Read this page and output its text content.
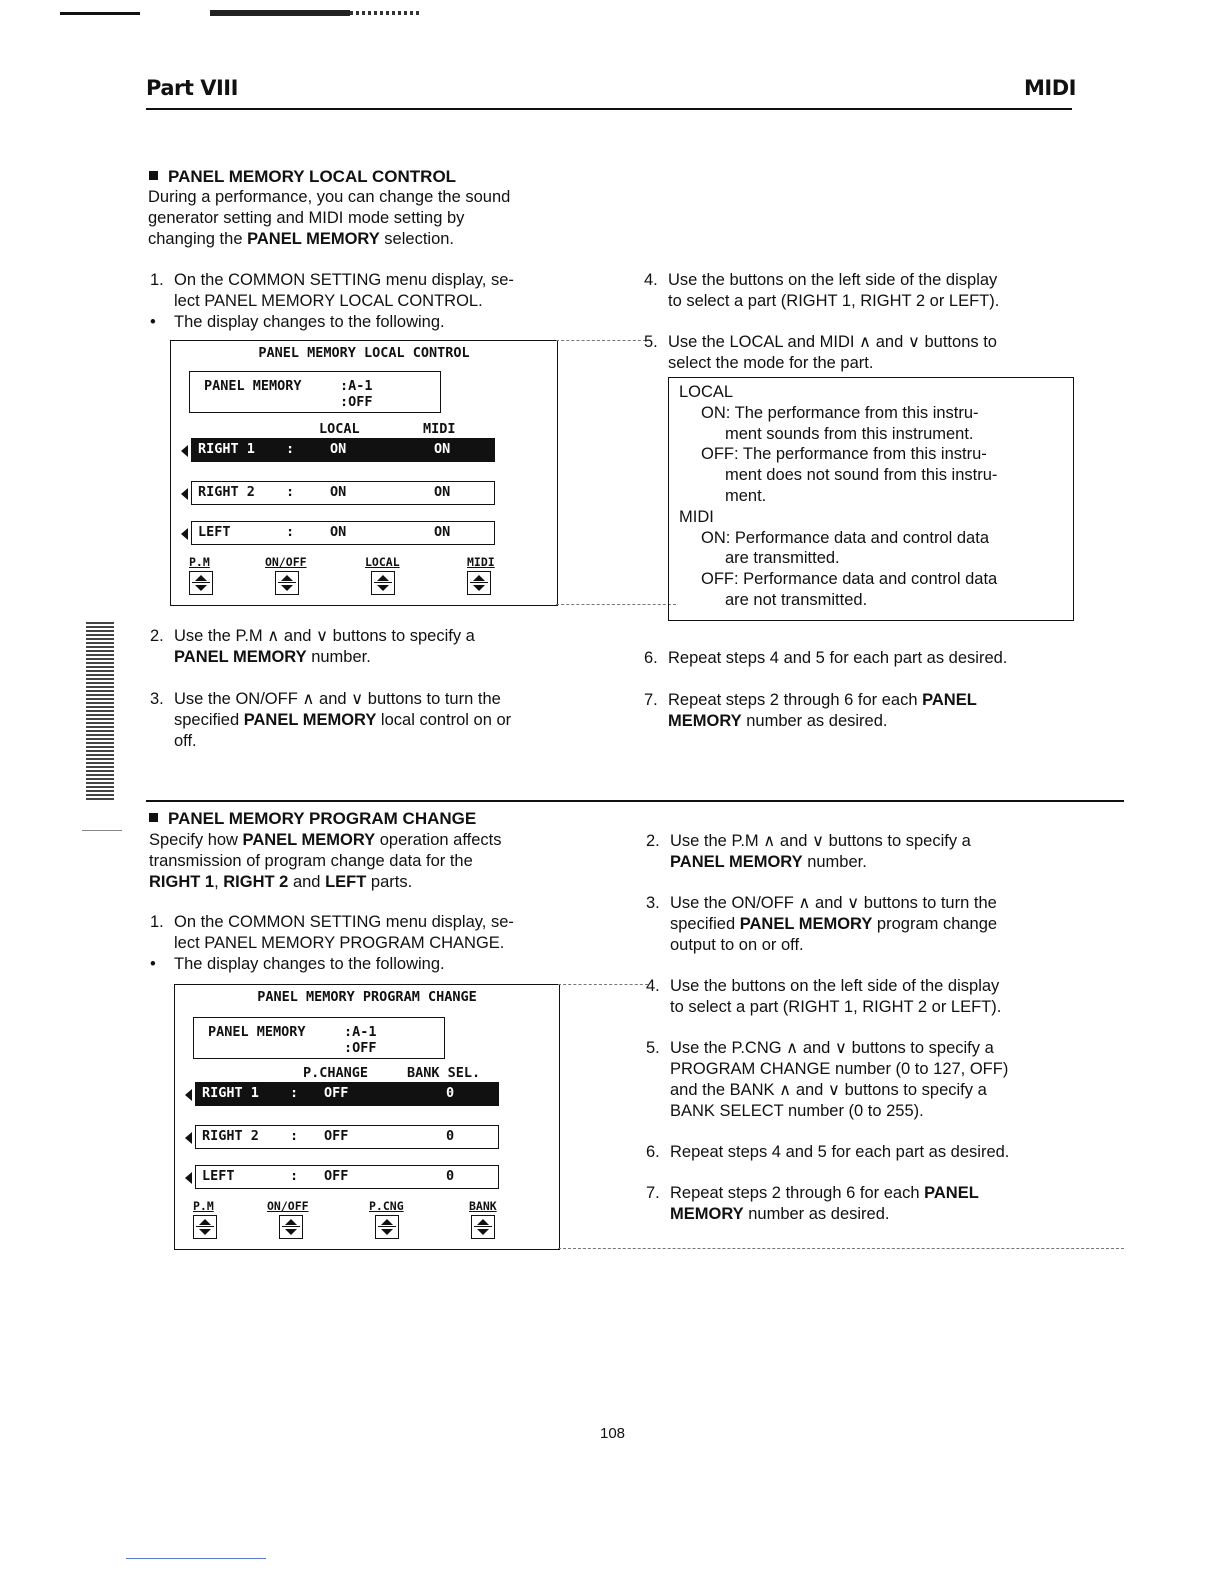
Part VIII	MIDI
PANEL MEMORY LOCAL CONTROL
During a performance, you can change the sound
generator setting and MIDI mode setting by
changing the PANEL MEMORY selection.
1. On the COMMON SETTING menu display, se-
lect PANEL MEMORY LOCAL CONTROL.
• The display changes to the following.
PANEL MEMORY LOCAL CONTROL
PANEL MEMORY	:A-1
:OFF
LOCAL	MIDI
RIGHT 1 :	ON	ON
RIGHT 2 :	ON	ON
LEFT	:	ON	ON
P.M	ON/OFF	LOCAL	MIDI
2. Use the P.M ∧ and ∨ buttons to specify a
PANEL MEMORY number.
3. Use the ON/OFF ∧ and ∨ buttons to turn the
specified PANEL MEMORY local control on or
off.
4. Use the buttons on the left side of the display
to select a part (RIGHT 1, RIGHT 2 or LEFT).
5. Use the LOCAL and MIDI ∧ and ∨ buttons to
select the mode for the part.
LOCAL
ON: The performance from this instru-
ment sounds from this instrument.
OFF: The performance from this instru-
ment does not sound from this instru-
ment.
MIDI
ON: Performance data and control data
are transmitted.
OFF: Performance data and control data
are not transmitted.
6. Repeat steps 4 and 5 for each part as desired.
7. Repeat steps 2 through 6 for each PANEL
MEMORY number as desired.
PANEL MEMORY PROGRAM CHANGE
Specify how PANEL MEMORY operation affects
transmission of program change data for the
RIGHT 1, RIGHT 2 and LEFT parts.
1. On the COMMON SETTING menu display, se-
lect PANEL MEMORY PROGRAM CHANGE.
• The display changes to the following.
PANEL MEMORY PROGRAM CHANGE
PANEL MEMORY	:A-1
:OFF
P.CHANGE	BANK SEL.
RIGHT 1 : OFF	0
RIGHT 2 : OFF	0
LEFT	: OFF	0
P.M	ON/OFF	P.CNG	BANK
2. Use the P.M ∧ and ∨ buttons to specify a
PANEL MEMORY number.
3. Use the ON/OFF ∧ and ∨ buttons to turn the
specified PANEL MEMORY program change
output to on or off.
4. Use the buttons on the left side of the display
to select a part (RIGHT 1, RIGHT 2 or LEFT).
5. Use the P.CNG ∧ and ∨ buttons to specify a
PROGRAM CHANGE number (0 to 127, OFF)
and the BANK ∧ and ∨ buttons to specify a
BANK SELECT number (0 to 255).
6. Repeat steps 4 and 5 for each part as desired.
7. Repeat steps 2 through 6 for each PANEL
MEMORY number as desired.
108
